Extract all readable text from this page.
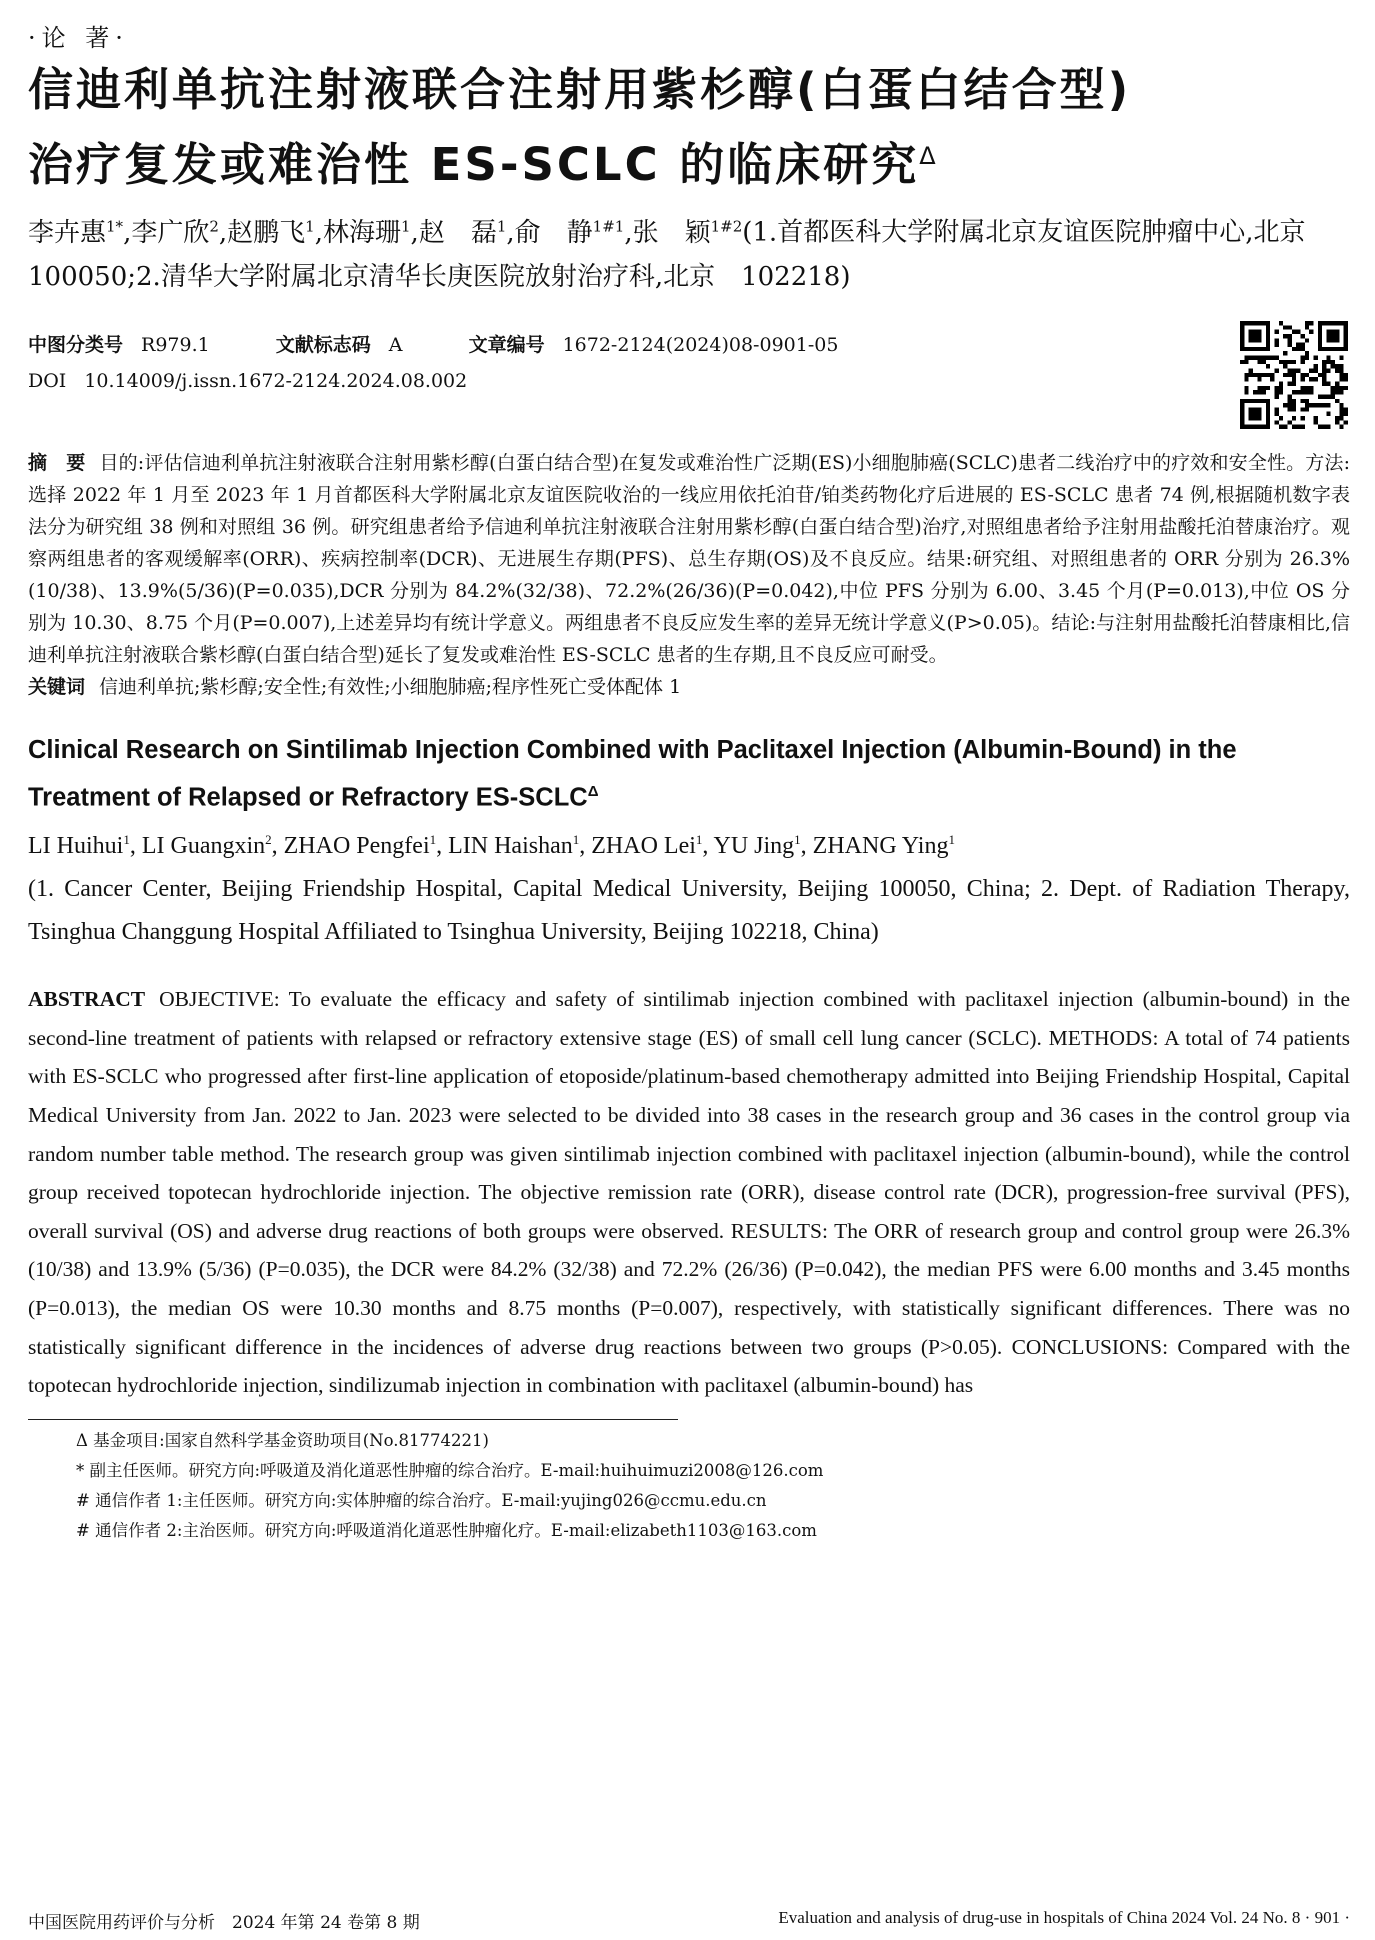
·论 著·
信迪利单抗注射液联合注射用紫杉醇(白蛋白结合型)
治疗复发或难治性 ES-SCLC 的临床研究$^\Delta$
李卉惠$^{1*}$,李广欣$^2$,赵鹏飞$^1$,林海珊$^1$,赵　磊$^1$,俞　静$^{1\#1}$,张　颖$^{1\#2}$(1.首都医科大学附属北京友谊医院肿瘤中心,北京　100050;2.清华大学附属北京清华长庚医院放射治疗科,北京　102218)
中图分类号 R979.1	文献标志码 A	文章编号 1672-2124(2024)08-0901-05
DOI 10.14009/j.issn.1672-2124.2024.08.002
摘　要 目的:评估信迪利单抗注射液联合注射用紫杉醇(白蛋白结合型)在复发或难治性广泛期(ES)小细胞肺癌(SCLC)患者二线治疗中的疗效和安全性。方法:选择 2022 年 1 月至 2023 年 1 月首都医科大学附属北京友谊医院收治的一线应用依托泊苷/铂类药物化疗后进展的 ES-SCLC 患者 74 例,根据随机数字表法分为研究组 38 例和对照组 36 例。研究组患者给予信迪利单抗注射液联合注射用紫杉醇(白蛋白结合型)治疗,对照组患者给予注射用盐酸托泊替康治疗。观察两组患者的客观缓解率(ORR)、疾病控制率(DCR)、无进展生存期(PFS)、总生存期(OS)及不良反应。结果:研究组、对照组患者的 ORR 分别为 26.3%(10/38)、13.9%(5/36)(P=0.035),DCR 分别为 84.2%(32/38)、72.2%(26/36)(P=0.042),中位 PFS 分别为 6.00、3.45 个月(P=0.013),中位 OS 分别为 10.30、8.75 个月(P=0.007),上述差异均有统计学意义。两组患者不良反应发生率的差异无统计学意义(P>0.05)。结论:与注射用盐酸托泊替康相比,信迪利单抗注射液联合紫杉醇(白蛋白结合型)延长了复发或难治性 ES-SCLC 患者的生存期,且不良反应可耐受。
关键词 信迪利单抗;紫杉醇;安全性;有效性;小细胞肺癌;程序性死亡受体配体 1
Clinical Research on Sintilimab Injection Combined with Paclitaxel Injection (Albumin-Bound) in the Treatment of Relapsed or Refractory $ES-SCLC^\Delta$
LI Huihui$^1$, LI Guangxin$^2$, ZHAO Pengfei$^1$, LIN Haishan$^1$, ZHAO Lei$^1$, YU Jing$^1$, ZHANG Ying$^1$
(1. Cancer Center, Beijing Friendship Hospital, Capital Medical University, Beijing 100050, China; 2. Dept. of Radiation Therapy, Tsinghua Changgung Hospital Affiliated to Tsinghua University, Beijing 102218, China)
ABSTRACT OBJECTIVE: To evaluate the efficacy and safety of sintilimab injection combined with paclitaxel injection (albumin-bound) in the second-line treatment of patients with relapsed or refractory extensive stage (ES) of small cell lung cancer (SCLC). METHODS: A total of 74 patients with ES-SCLC who progressed after first-line application of etoposide/platinum-based chemotherapy admitted into Beijing Friendship Hospital, Capital Medical University from Jan. 2022 to Jan. 2023 were selected to be divided into 38 cases in the research group and 36 cases in the control group via random number table method. The research group was given sintilimab injection combined with paclitaxel injection (albumin-bound), while the control group received topotecan hydrochloride injection. The objective remission rate (ORR), disease control rate (DCR), progression-free survival (PFS), overall survival (OS) and adverse drug reactions of both groups were observed. RESULTS: The ORR of research group and control group were 26.3% (10/38) and 13.9% (5/36) (P=0.035), the DCR were 84.2% (32/38) and 72.2% (26/36) (P=0.042), the median PFS were 6.00 months and 3.45 months (P=0.013), the median OS were 10.30 months and 8.75 months (P=0.007), respectively, with statistically significant differences. There was no statistically significant difference in the incidences of adverse drug reactions between two groups (P>0.05). CONCLUSIONS: Compared with the topotecan hydrochloride injection, sindilizumab injection in combination with paclitaxel (albumin-bound) has
Δ 基金项目:国家自然科学基金资助项目(No.81774221)
* 副主任医师。研究方向:呼吸道及消化道恶性肿瘤的综合治疗。E-mail:huihuimuzi2008@126.com
# 通信作者 1:主任医师。研究方向:实体肿瘤的综合治疗。E-mail:yujing026@ccmu.edu.cn
# 通信作者 2:主治医师。研究方向:呼吸道消化道恶性肿瘤化疗。E-mail:elizabeth1103@163.com
中国医院用药评价与分析　2024 年第 24 卷第 8 期	Evaluation and analysis of drug-use in hospitals of China 2024 Vol. 24 No. 8 · 901 ·
